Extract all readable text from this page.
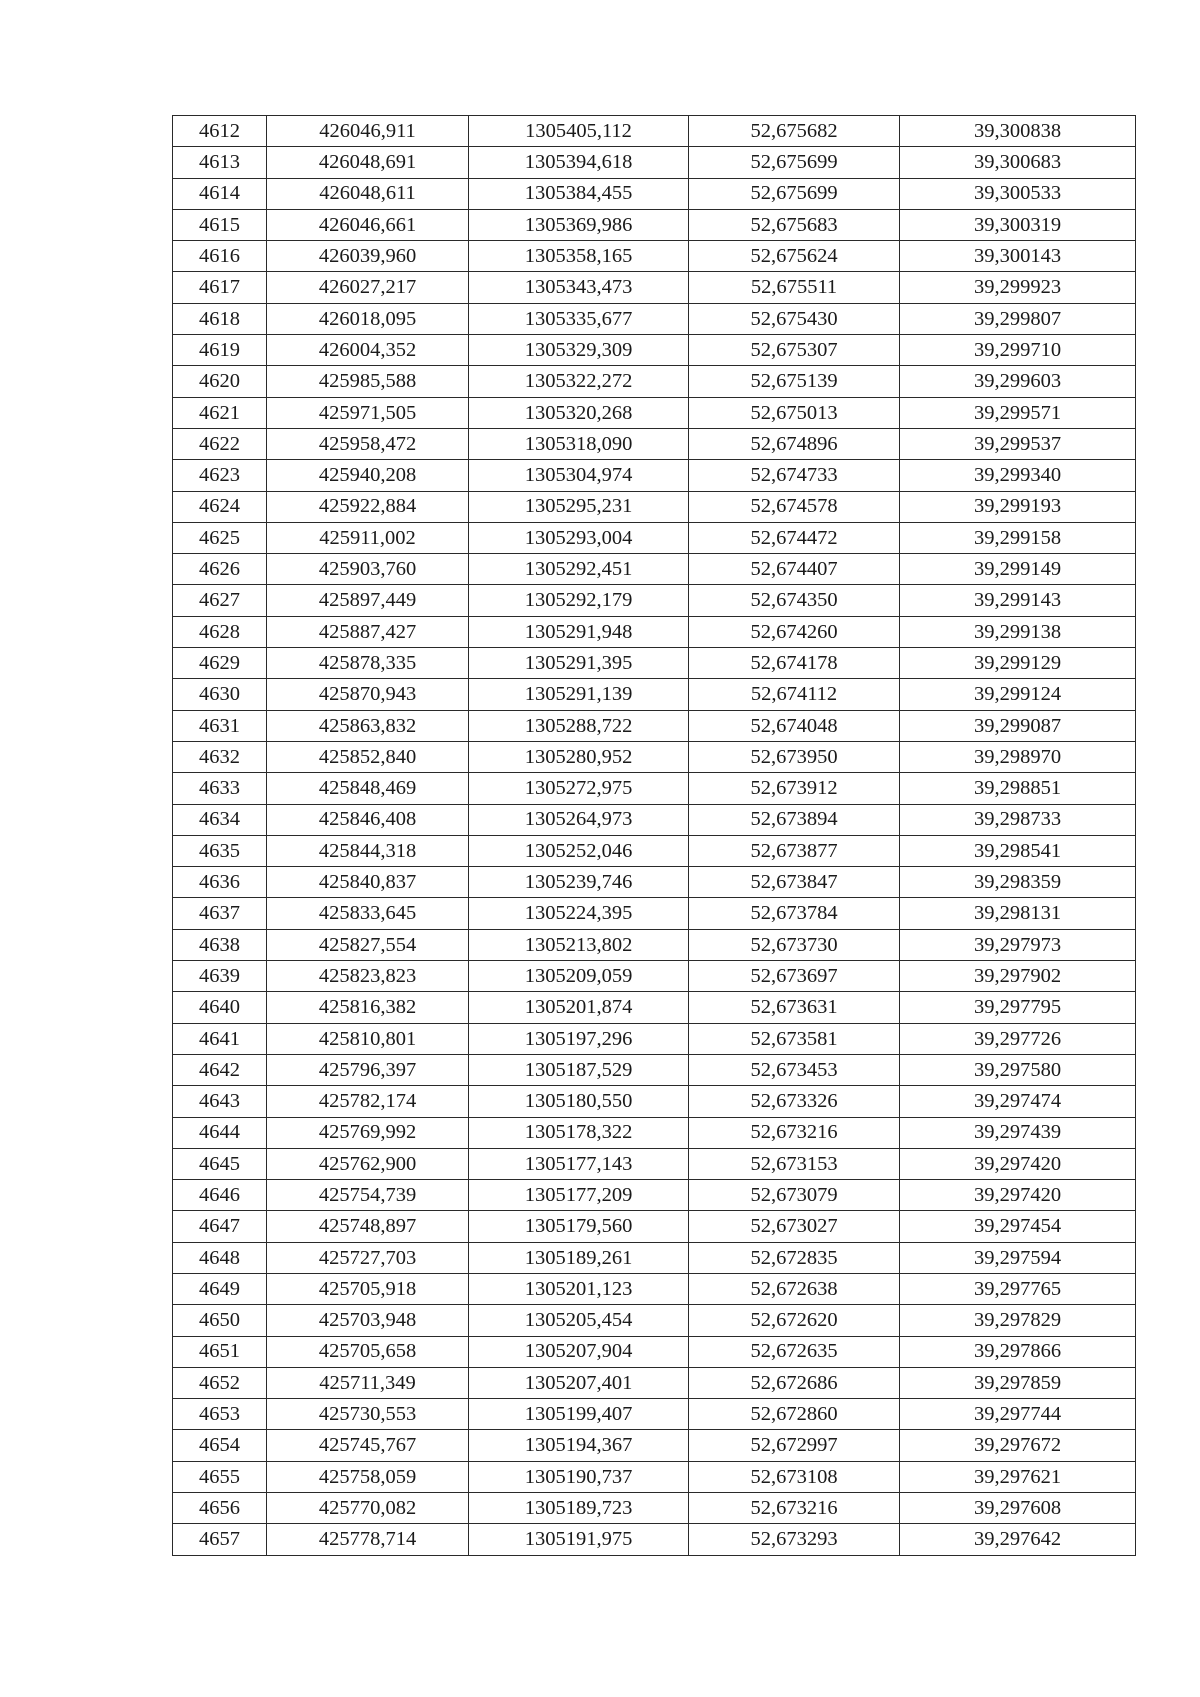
4612	426046,911	1305405,112	52,675682	39,300838
4613	426048,691	1305394,618	52,675699	39,300683
4614	426048,611	1305384,455	52,675699	39,300533
4615	426046,661	1305369,986	52,675683	39,300319
4616	426039,960	1305358,165	52,675624	39,300143
4617	426027,217	1305343,473	52,675511	39,299923
4618	426018,095	1305335,677	52,675430	39,299807
4619	426004,352	1305329,309	52,675307	39,299710
4620	425985,588	1305322,272	52,675139	39,299603
4621	425971,505	1305320,268	52,675013	39,299571
4622	425958,472	1305318,090	52,674896	39,299537
4623	425940,208	1305304,974	52,674733	39,299340
4624	425922,884	1305295,231	52,674578	39,299193
4625	425911,002	1305293,004	52,674472	39,299158
4626	425903,760	1305292,451	52,674407	39,299149
4627	425897,449	1305292,179	52,674350	39,299143
4628	425887,427	1305291,948	52,674260	39,299138
4629	425878,335	1305291,395	52,674178	39,299129
4630	425870,943	1305291,139	52,674112	39,299124
4631	425863,832	1305288,722	52,674048	39,299087
4632	425852,840	1305280,952	52,673950	39,298970
4633	425848,469	1305272,975	52,673912	39,298851
4634	425846,408	1305264,973	52,673894	39,298733
4635	425844,318	1305252,046	52,673877	39,298541
4636	425840,837	1305239,746	52,673847	39,298359
4637	425833,645	1305224,395	52,673784	39,298131
4638	425827,554	1305213,802	52,673730	39,297973
4639	425823,823	1305209,059	52,673697	39,297902
4640	425816,382	1305201,874	52,673631	39,297795
4641	425810,801	1305197,296	52,673581	39,297726
4642	425796,397	1305187,529	52,673453	39,297580
4643	425782,174	1305180,550	52,673326	39,297474
4644	425769,992	1305178,322	52,673216	39,297439
4645	425762,900	1305177,143	52,673153	39,297420
4646	425754,739	1305177,209	52,673079	39,297420
4647	425748,897	1305179,560	52,673027	39,297454
4648	425727,703	1305189,261	52,672835	39,297594
4649	425705,918	1305201,123	52,672638	39,297765
4650	425703,948	1305205,454	52,672620	39,297829
4651	425705,658	1305207,904	52,672635	39,297866
4652	425711,349	1305207,401	52,672686	39,297859
4653	425730,553	1305199,407	52,672860	39,297744
4654	425745,767	1305194,367	52,672997	39,297672
4655	425758,059	1305190,737	52,673108	39,297621
4656	425770,082	1305189,723	52,673216	39,297608
4657	425778,714	1305191,975	52,673293	39,297642
